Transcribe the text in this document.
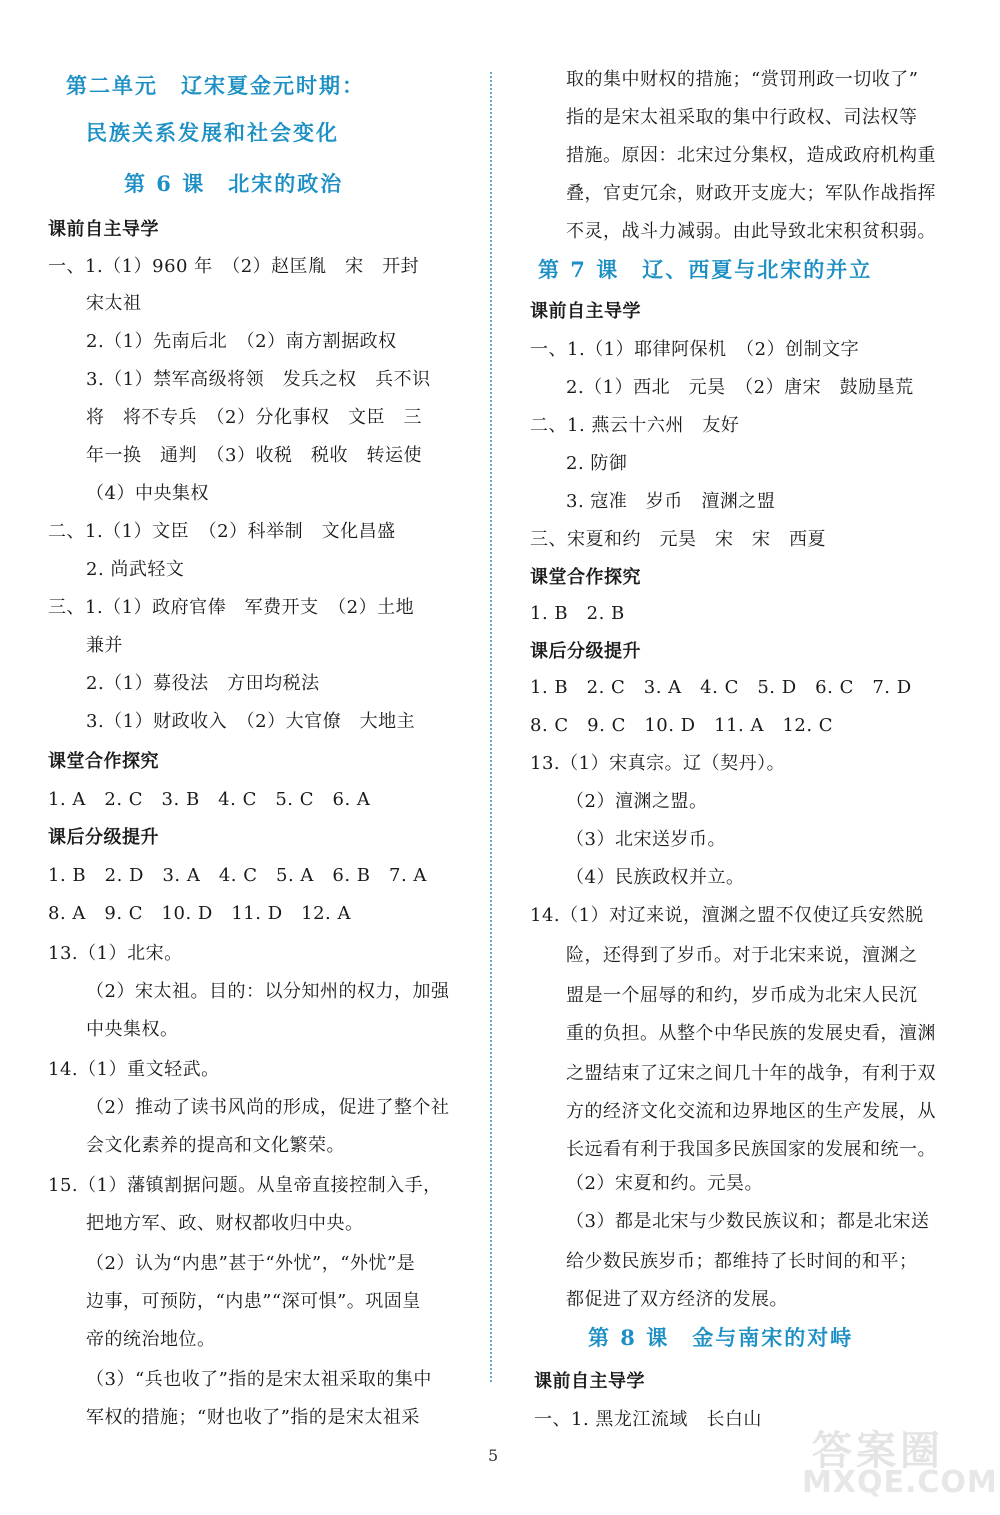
第二单元　辽宋夏金元时期：
民族关系发展和社会变化
第 6 课　北宋的政治
课前自主导学
一、1.（1）960 年　（2）赵匡胤　宋　开封
宋太祖
2.（1）先南后北　（2）南方割据政权
3.（1）禁军高级将领　发兵之权　兵不识
将　将不专兵　（2）分化事权　文臣　三
年一换　通判　（3）收税　税收　转运使
（4）中央集权
二、1.（1）文臣　（2）科举制　文化昌盛
2. 尚武轻文
三、1.（1）政府官俸　军费开支　（2）土地
兼并
2.（1）募役法　方田均税法
3.（1）财政收入　（2）大官僚　大地主
课堂合作探究
1. A　2. C　3. B　4. C　5. C　6. A
课后分级提升
1. B　2. D　3. A　4. C　5. A　6. B　7. A
8. A　9. C　10. D　11. D　12. A
13.（1）北宋。
（2）宋太祖。目的：以分知州的权力，加强
中央集权。
14.（1）重文轻武。
（2）推动了读书风尚的形成，促进了整个社
会文化素养的提高和文化繁荣。
15.（1）藩镇割据问题。从皇帝直接控制入手，
把地方军、政、财权都收归中央。
（2）认为“内患”甚于“外忧”，“外忧”是
边事，可预防，“内患”“深可惧”。巩固皇
帝的统治地位。
（3）“兵也收了”指的是宋太祖采取的集中
军权的措施；“财也收了”指的是宋太祖采
取的集中财权的措施；“赏罚刑政一切收了”
指的是宋太祖采取的集中行政权、司法权等
措施。原因：北宋过分集权，造成政府机构重
叠，官吏冗余，财政开支庞大；军队作战指挥
不灵，战斗力减弱。由此导致北宋积贫积弱。
第 7 课　辽、西夏与北宋的并立
课前自主导学
一、1.（1）耶律阿保机　（2）创制文字
2.（1）西北　元昊　（2）唐宋　鼓励垦荒
二、1. 燕云十六州　友好
2. 防御
3. 寇准　岁币　澶渊之盟
三、宋夏和约　元昊　宋　宋　西夏
课堂合作探究
1. B　2. B
课后分级提升
1. B　2. C　3. A　4. C　5. D　6. C　7. D
8. C　9. C　10. D　11. A　12. C
13.（1）宋真宗。辽（契丹）。
（2）澶渊之盟。
（3）北宋送岁币。
（4）民族政权并立。
14.（1）对辽来说，澶渊之盟不仅使辽兵安然脱
险，还得到了岁币。对于北宋来说，澶渊之
盟是一个屈辱的和约，岁币成为北宋人民沉
重的负担。从整个中华民族的发展史看，澶渊
之盟结束了辽宋之间几十年的战争，有利于双
方的经济文化交流和边界地区的生产发展，从
长远看有利于我国多民族国家的发展和统一。
（2）宋夏和约。元昊。
（3）都是北宋与少数民族议和；都是北宋送
给少数民族岁币；都维持了长时间的和平；
都促进了双方经济的发展。
第 8 课　金与南宋的对峙
课前自主导学
一、1. 黑龙江流域　长白山
5	答案圈
MXQE.COM
